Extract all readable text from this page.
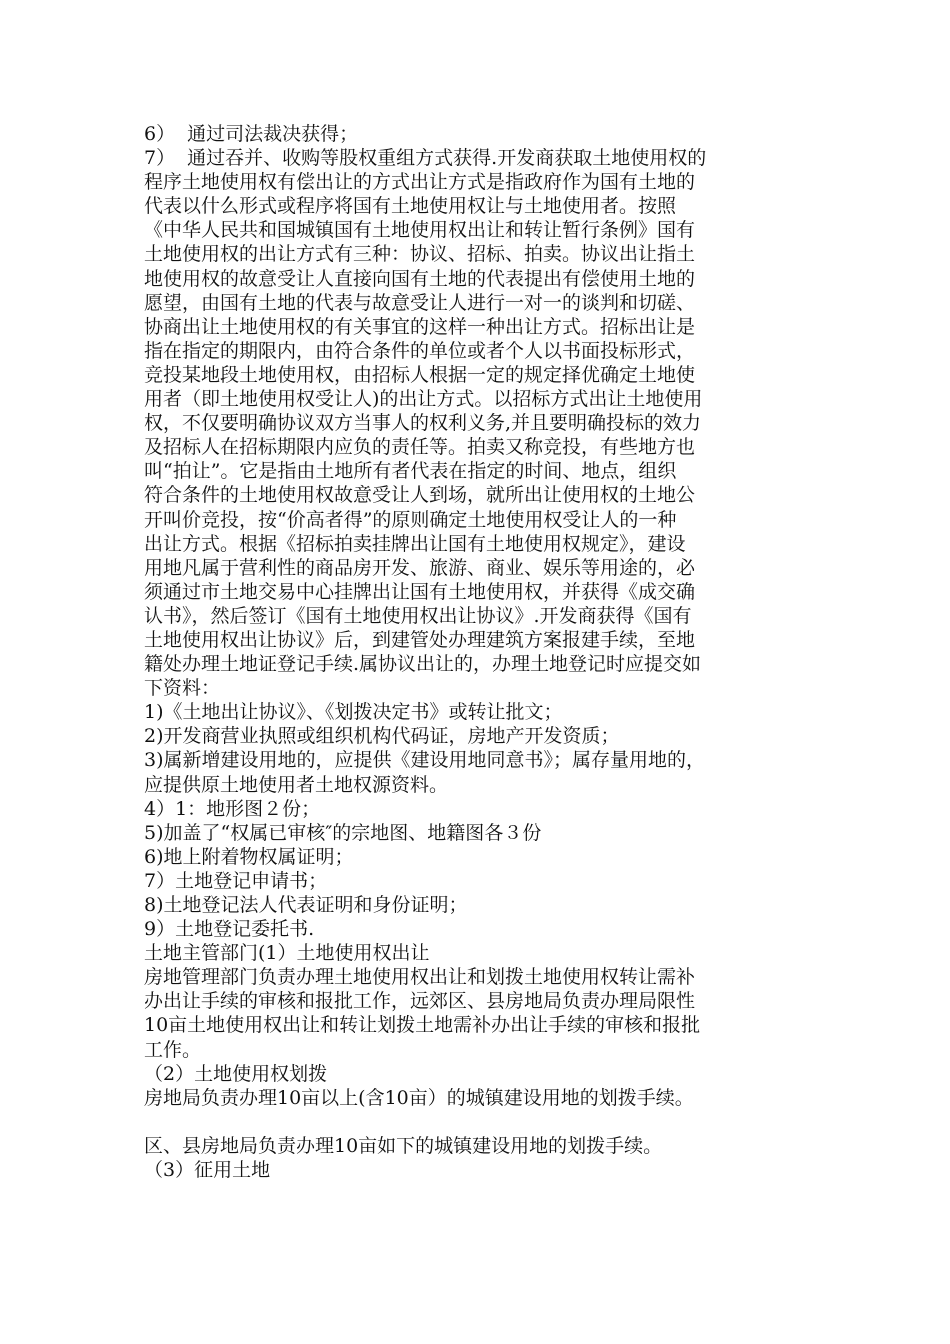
6）  通过司法裁决获得；
7）  通过吞并、收购等股权重组方式获得.开发商获取土地使用权的
程序土地使用权有偿出让的方式出让方式是指政府作为国有土地的
代表以什么形式或程序将国有土地使用权让与土地使用者。按照
《中华人民共和国城镇国有土地使用权出让和转让暂行条例》国有
土地使用权的出让方式有三种：协议、招标、拍卖。协议出让指土
地使用权的故意受让人直接向国有土地的代表提出有偿使用土地的
愿望，由国有土地的代表与故意受让人进行一对一的谈判和切磋、
协商出让土地使用权的有关事宜的这样一种出让方式。招标出让是
指在指定的期限内，由符合条件的单位或者个人以书面投标形式，
竞投某地段土地使用权，由招标人根据一定的规定择优确定土地使
用者（即土地使用权受让人)的出让方式。以招标方式出让土地使用
权，不仅要明确协议双方当事人的权利义务,并且要明确投标的效力
及招标人在招标期限内应负的责任等。拍卖又称竞投，有些地方也
叫“拍让”。它是指由土地所有者代表在指定的时间、地点，组织
符合条件的土地使用权故意受让人到场，就所出让使用权的土地公
开叫价竞投，按“价高者得”的原则确定土地使用权受让人的一种
出让方式。根据《招标拍卖挂牌出让国有土地使用权规定》，建设
用地凡属于营利性的商品房开发、旅游、商业、娱乐等用途的，必
须通过市土地交易中心挂牌出让国有土地使用权，并获得《成交确
认书》，然后签订《国有土地使用权出让协议》.开发商获得《国有
土地使用权出让协议》后，到建管处办理建筑方案报建手续，至地
籍处办理土地证登记手续.属协议出让的，办理土地登记时应提交如
下资料：
1)《土地出让协议》、《划拨决定书》或转让批文；
2)开发商营业执照或组织机构代码证，房地产开发资质；
3)属新增建设用地的，应提供《建设用地同意书》；属存量用地的，
应提供原土地使用者土地权源资料。
4）1：地形图２份；
5)加盖了“权属已审核″的宗地图、地籍图各３份
6)地上附着物权属证明；
7）土地登记申请书；
8)土地登记法人代表证明和身份证明；
9）土地登记委托书.
土地主管部门(1）土地使用权出让
房地管理部门负责办理土地使用权出让和划拨土地使用权转让需补
办出让手续的审核和报批工作，远郊区、县房地局负责办理局限性
10亩土地使用权出让和转让划拨土地需补办出让手续的审核和报批
工作。
（2）土地使用权划拨
房地局负责办理10亩以上(含10亩）的城镇建设用地的划拨手续。
区、县房地局负责办理10亩如下的城镇建设用地的划拨手续。
（3）征用土地
